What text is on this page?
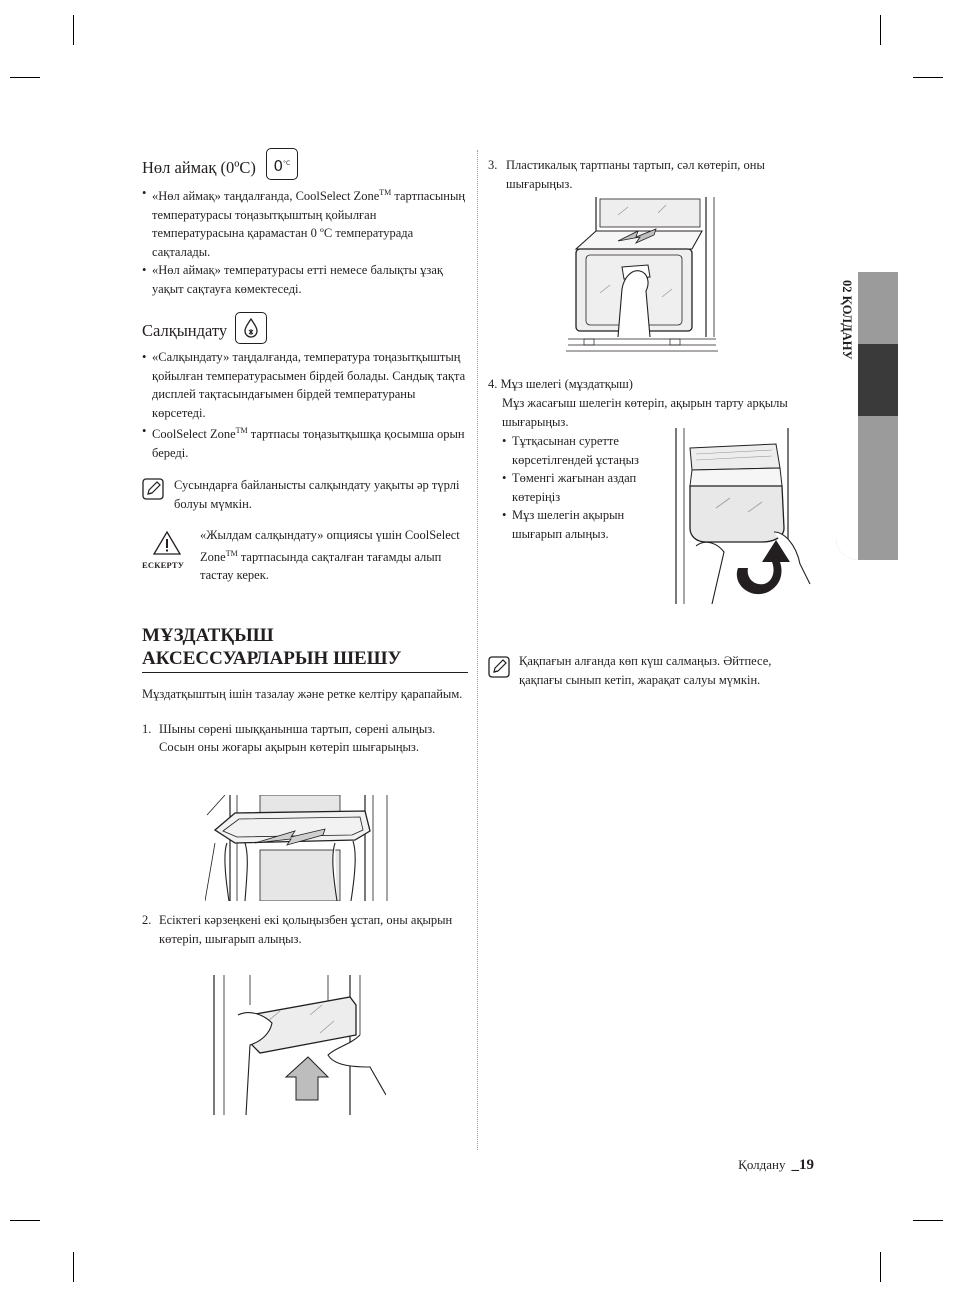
02 ҚОЛДАНУ
Нөл аймақ (0ºC) $0^{^\circ C}$
• «Нөл аймақ» таңдалғанда, CoolSelect Zone™ тартпасының температурасы тоңазытқыштың қойылған температурасына қарамастан 0 ºC температурада сақталады.
• «Нөл аймақ» температурасы етті немесе балықты ұзақ уақыт сақтауға көмектеседі.
Салқындату
• «Салқындату» таңдалғанда, температура тоңазытқыштың қойылған температурасымен бірдей болады. Сандық тақта дисплей тақтасындағымен бірдей температураны көрсетеді.
• CoolSelect Zone™ тартпасы тоңазытқышқа қосымша орын береді.
Сусындарға байланысты салқындату уақыты әр түрлі болуы мүмкін.
ЕСКЕРТУ
«Жылдам салқындату» опциясы үшін CoolSelect Zone™ тартпасында сақталған тағамды алып тастау керек.
МҰЗДАТҚЫШ
АКСЕССУАРЛАРЫН ШЕШУ
Мұздатқыштың ішін тазалау және ретке келтіру қарапайым.
1. Шыны сөрені шыққанынша тартып, сөрені алыңыз. Сосын оны жоғары ақырын көтеріп шығарыңыз.
2. Есіктегі кәрзеңкені екі қолыңызбен ұстап, оны ақырын көтеріп, шығарып алыңыз.
3. Пластикалық тартпаны тартып, сәл көтеріп, оны шығарыңыз.
4. Мұз шелегі (мұздатқыш)
Мұз жасағыш шелегін көтеріп, ақырын тарту арқылы шығарыңыз.
• Тұтқасынан суретте көрсетілгендей ұстаңыз
• Төменгі жағынан аздап көтеріңіз
• Мұз шелегін ақырын шығарып алыңыз.
Қақпағын алғанда көп күш салмаңыз. Әйтпесе, қақпағы сынып кетіп, жарақат салуы мүмкін.
Қолдану _19
